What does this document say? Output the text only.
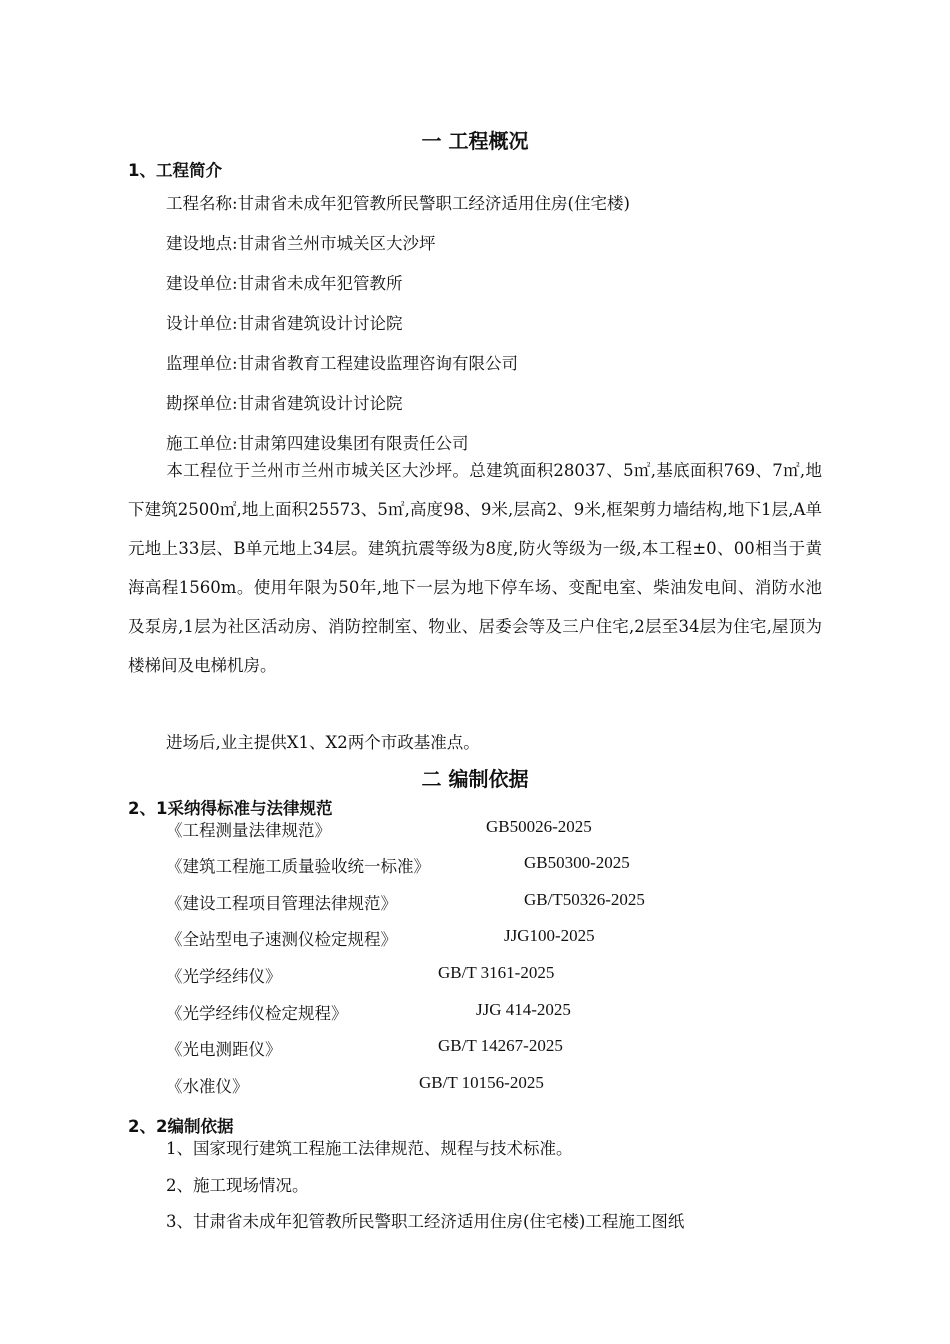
一 工程概况
1、工程简介
工程名称:甘肃省未成年犯管教所民警职工经济适用住房(住宅楼)
建设地点:甘肃省兰州市城关区大沙坪
建设单位:甘肃省未成年犯管教所
设计单位:甘肃省建筑设计讨论院
监理单位:甘肃省教育工程建设监理咨询有限公司
勘探单位:甘肃省建筑设计讨论院
施工单位:甘肃第四建设集团有限责任公司
本工程位于兰州市兰州市城关区大沙坪。总建筑面积28037、5㎡,基底面积769、7㎡,地下建筑2500㎡,地上面积25573、5㎡,高度98、9米,层高2、9米,框架剪力墙结构,地下1层,A单元地上33层、B单元地上34层。建筑抗震等级为8度,防火等级为一级,本工程±0、00相当于黄海高程1560m。使用年限为50年,地下一层为地下停车场、变配电室、柴油发电间、消防水池及泵房,1层为社区活动房、消防控制室、物业、居委会等及三户住宅,2层至34层为住宅,屋顶为楼梯间及电梯机房。
进场后,业主提供X1、X2两个市政基准点。
二 编制依据
2、1采纳得标准与法律规范
《工程测量法律规范》	GB50026-2025
《建筑工程施工质量验收统一标准》	GB50300-2025
《建设工程项目管理法律规范》	GB/T50326-2025
《全站型电子速测仪检定规程》	JJG100-2025
《光学经纬仪》	GB/T 3161-2025
《光学经纬仪检定规程》	JJG 414-2025
《光电测距仪》	GB/T 14267-2025
《水准仪》	GB/T 10156-2025
2、2编制依据
1、国家现行建筑工程施工法律规范、规程与技术标准。
2、施工现场情况。
3、甘肃省未成年犯管教所民警职工经济适用住房(住宅楼)工程施工图纸
